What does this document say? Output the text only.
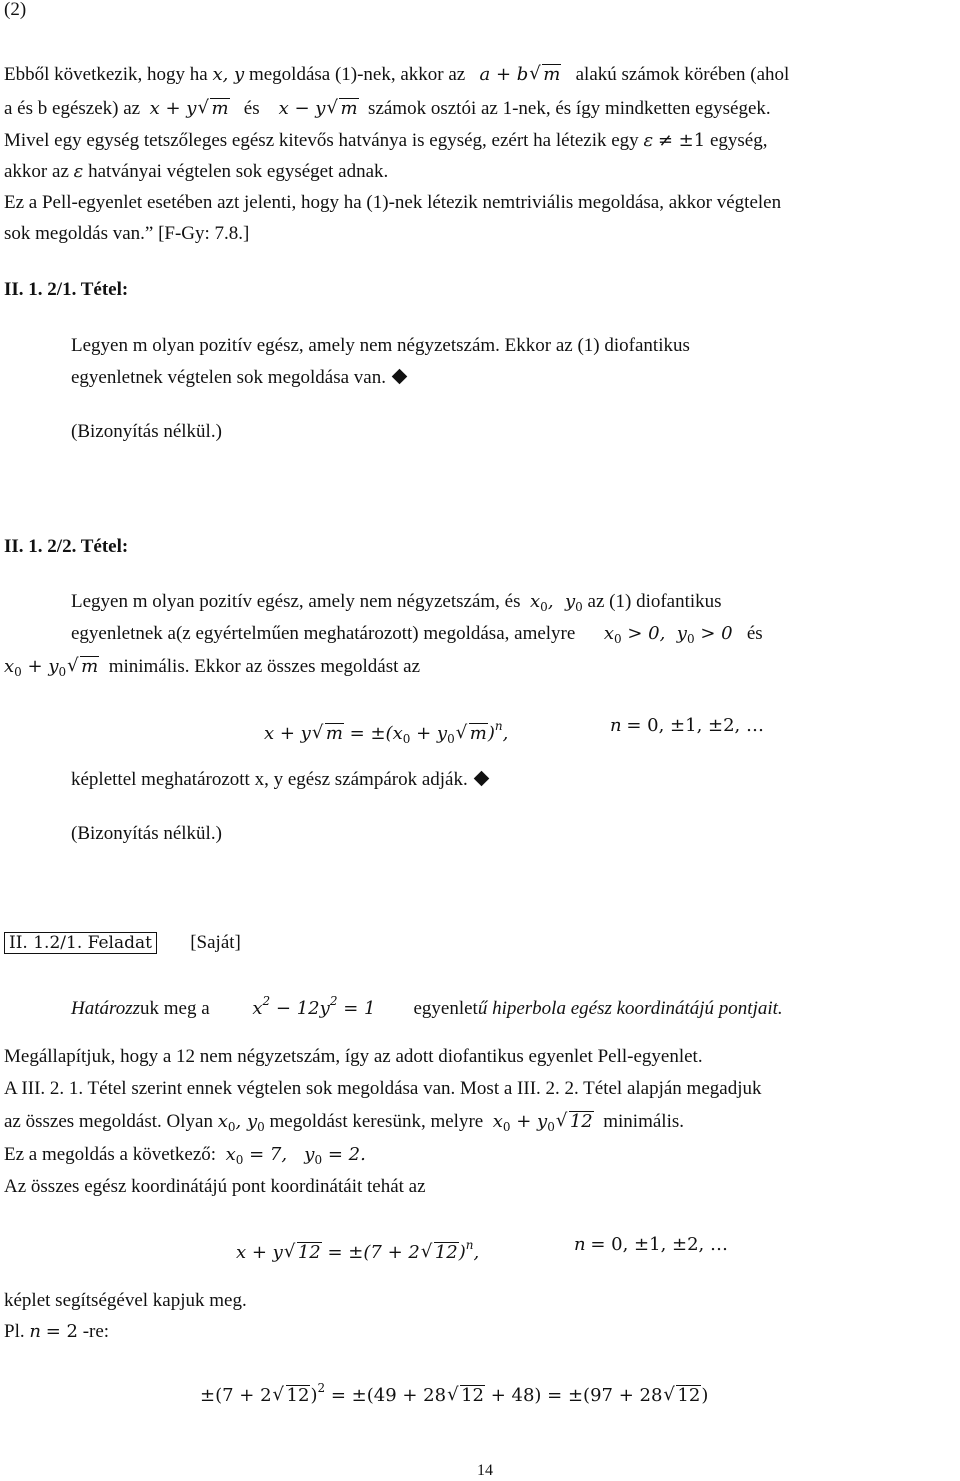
(2)
Ebből következik, hogy ha x, y megoldása (1)-nek, akkor az a + b√ m alakú számok körében (ahol
a és b egészek) az x + y√ m és x − y√ m számok osztói az 1-nek, és így mindketten egységek.
Mivel egy egység tetszőleges egész kitevős hatványa is egység, ezért ha létezik egy ε ≠ ±1 egység,
akkor az ε hatványai végtelen sok egységet adnak.
Ez a Pell-egyenlet esetében azt jelenti, hogy ha (1)-nek létezik nemtriviális megoldása, akkor végtelen
sok megoldás van.” [F-Gy: 7.8.]
II. 1. 2/1. Tétel:
Legyen m olyan pozitív egész, amely nem négyzetszám. Ekkor az (1) diofantikus
egyenletnek végtelen sok megoldása van.
(Bizonyítás nélkül.)
II. 1. 2/2. Tétel:
Legyen m olyan pozitív egész, amely nem négyzetszám, és $x_0$,  $y_0$ az (1) diofantikus
egyenletnek a(z egyértelműen meghatározott) megoldása, amelyre $x_0 > 0$,  $y_0 > 0$ és
$x_0 + y_0√$ m minimális. Ekkor az összes megoldást az
x + y√ $m = \pm(x_0 + y_0√$ m)$^n$,	n = 0, ±1, ±2, …
képlettel meghatározott x, y egész számpárok adják.
(Bizonyítás nélkül.)
II. 1.2/1. Feladat [Saját]
Határozzuk meg a $x^2 - 12y^2 = 1$ egyenletű hiperbola egész koordinátájú pontjait.
Megállapítjuk, hogy a 12 nem négyzetszám, így az adott diofantikus egyenlet Pell-egyenlet.
A III. 2. 1. Tétel szerint ennek végtelen sok megoldása van. Most a III. 2. 2. Tétel alapján megadjuk
az összes megoldást. Olyan $x_0$, $y_0$ megoldást keresünk, melyre $x_0 + y_0√$ 12 minimális.
Ez a megoldás a következő: $x_0 = 7$,   $y_0 = 2$.
Az összes egész koordinátájú pont koordinátáit tehát az
x + y√ 12 = ±(7 + 2√ 12)$^n$,	n = 0, ±1, ±2, …
képlet segítségével kapjuk meg.
Pl. n = 2 -re:
±(7 + 2√ 12)$^2$ = ±(49 + 28√ 12 + 48) = ±(97 + 28√ 12)
14
